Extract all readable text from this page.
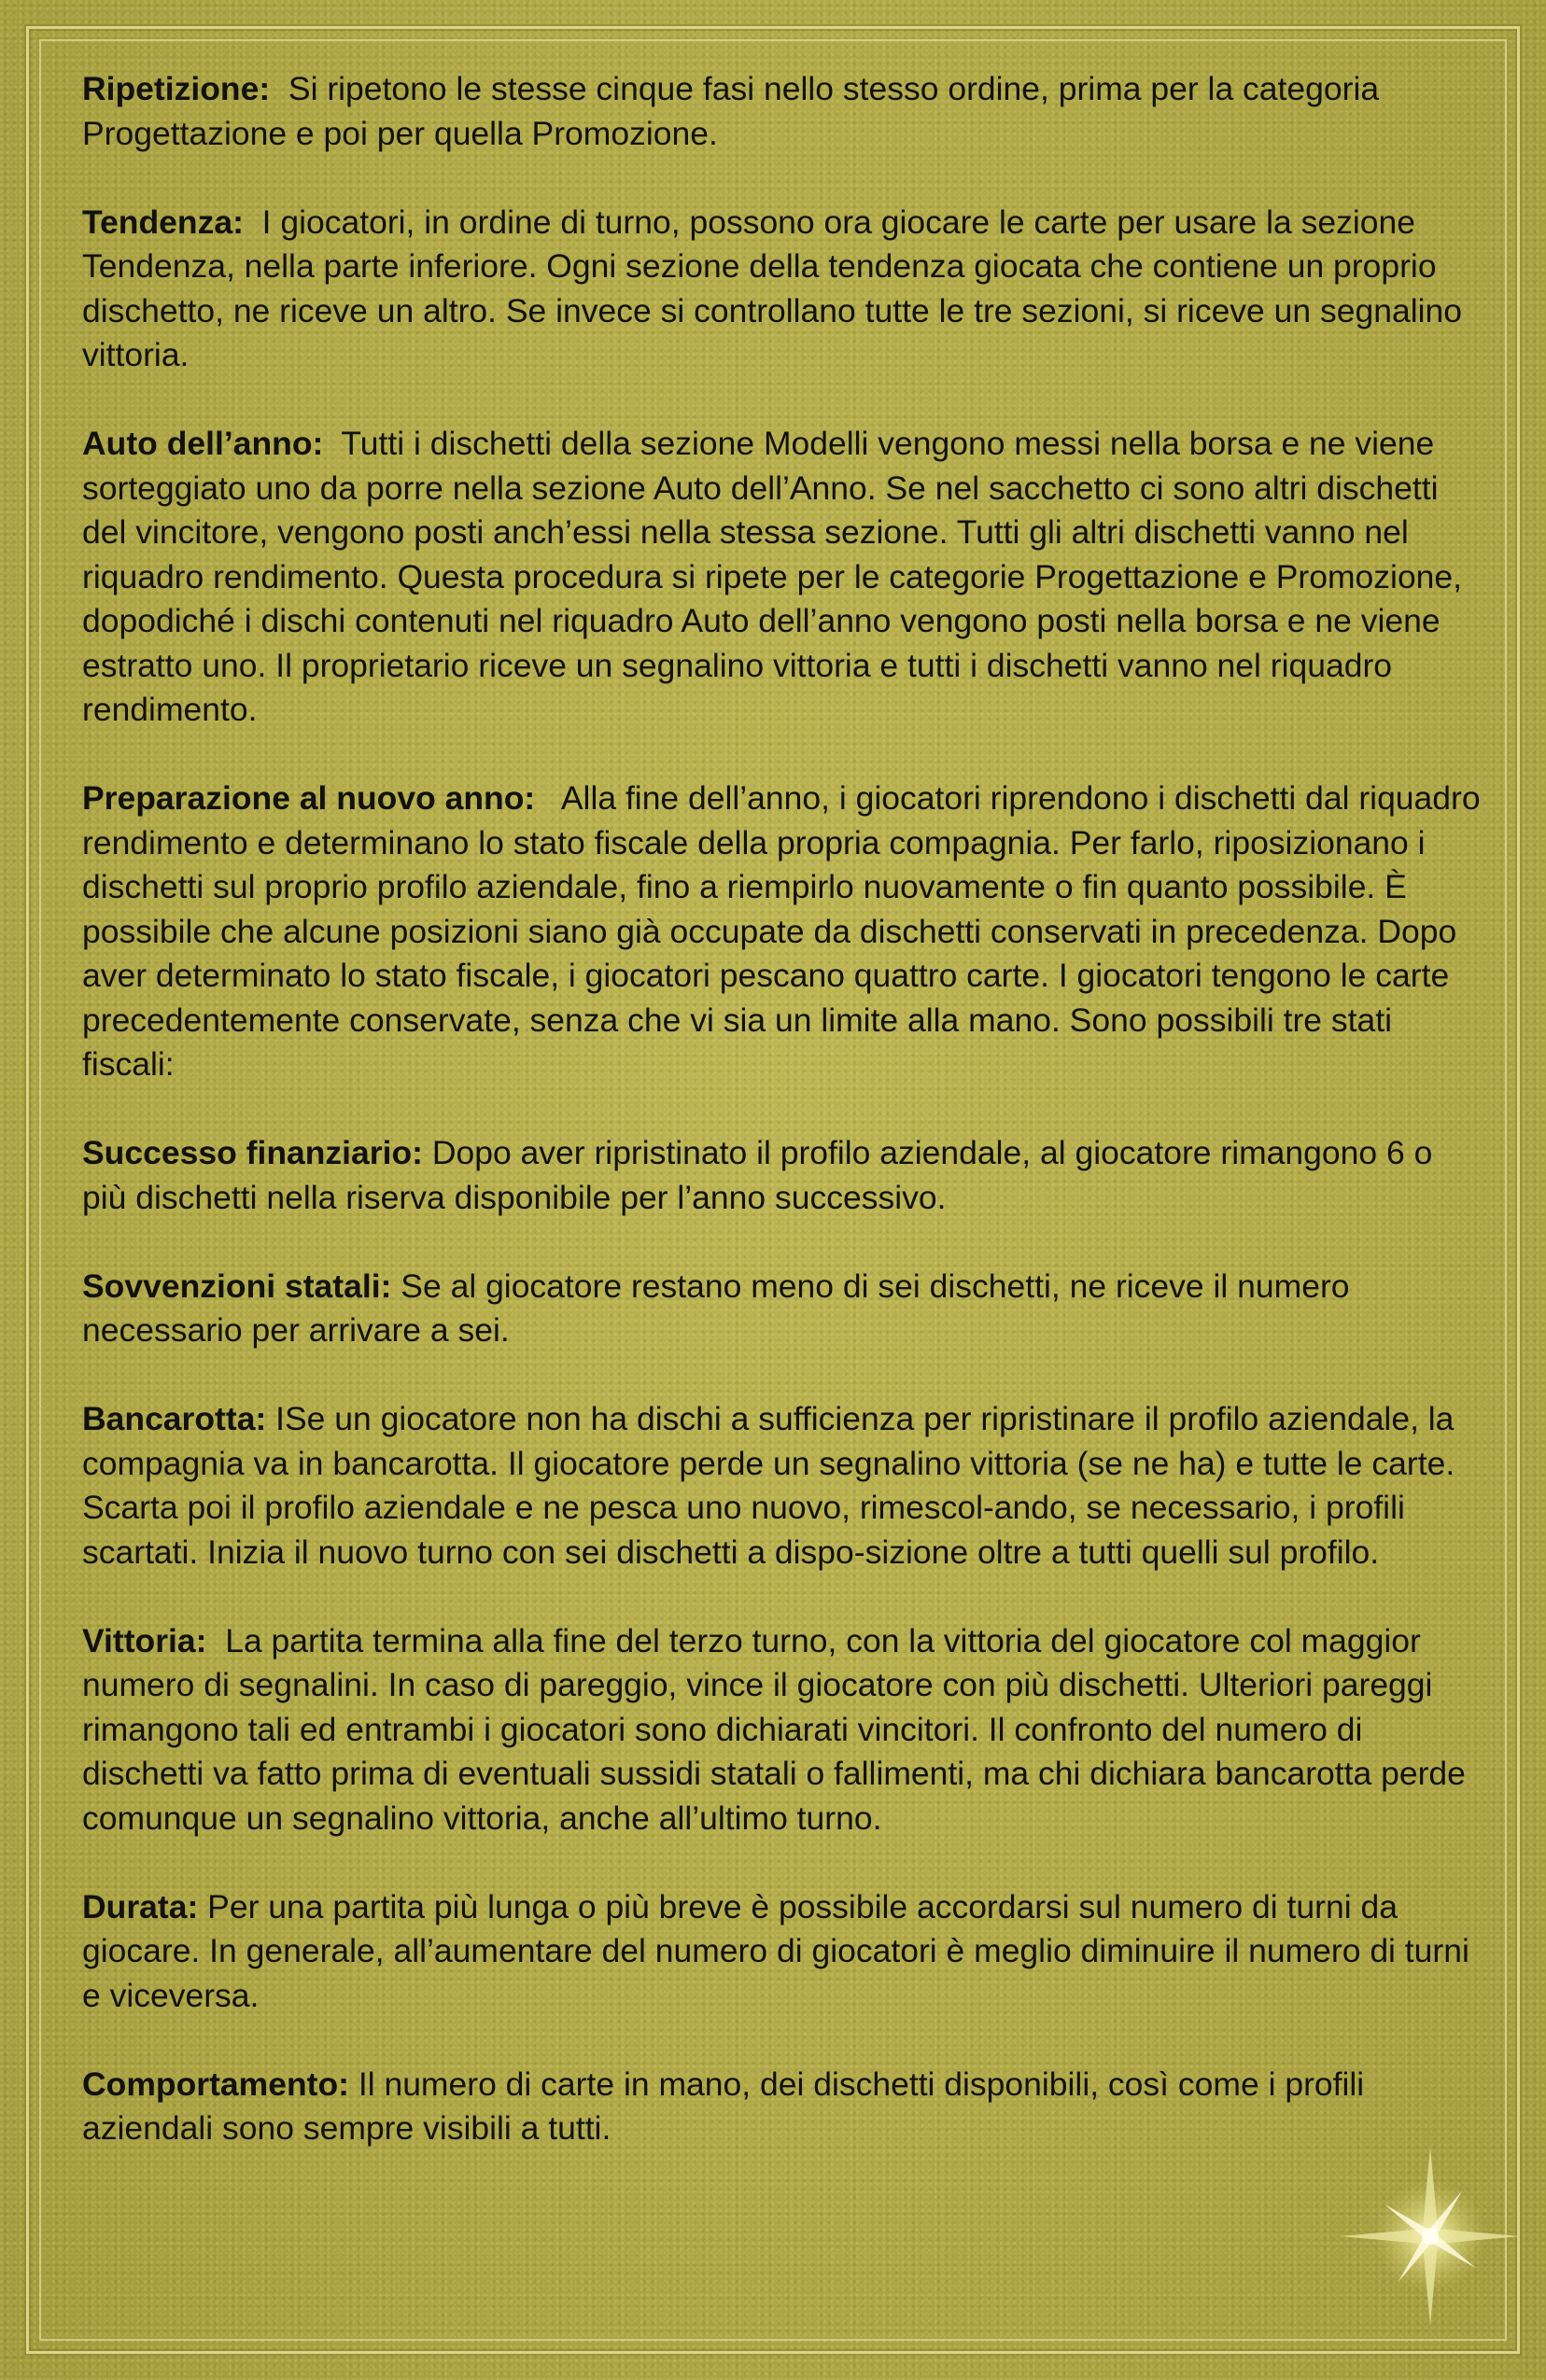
Ripetizione:  Si ripetono le stesse cinque fasi nello stesso ordine, prima per la categoria Progettazione e poi per quella Promozione.

Tendenza:  I giocatori, in ordine di turno, possono ora giocare le carte per usare la sezione Tendenza, nella parte inferiore. Ogni sezione della tendenza giocata che contiene un proprio dischetto, ne riceve un altro. Se invece si controllano tutte le tre sezioni, si riceve un segnalino vittoria.

Auto dell’anno:  Tutti i dischetti della sezione Modelli vengono messi nella borsa e ne viene sorteggiato uno da porre nella sezione Auto dell’Anno. Se nel sacchetto ci sono altri dischetti del vincitore, vengono posti anch’essi nella stessa sezione. Tutti gli altri dischetti vanno nel riquadro rendimento. Questa procedura si ripete per le categorie Progettazione e Promozione, dopodiché i dischi contenuti nel riquadro Auto dell’anno vengono posti nella borsa e ne viene estratto uno. Il proprietario riceve un segnalino vittoria e tutti i dischetti vanno nel riquadro rendimento.

Preparazione al nuovo anno:   Alla fine dell’anno, i giocatori riprendono i dischetti dal riquadro rendimento e determinano lo stato fiscale della propria compagnia. Per farlo, riposizionano i dischetti sul proprio profilo aziendale, fino a riempirlo nuovamente o fin quanto possibile. È possibile che alcune posizioni siano già occupate da dischetti conservati in precedenza. Dopo aver determinato lo stato fiscale, i giocatori pescano quattro carte. I giocatori tengono le carte precedentemente conservate, senza che vi sia un limite alla mano. Sono possibili tre stati fiscali:

Successo finanziario: Dopo aver ripristinato il profilo aziendale, al giocatore rimangono 6 o più dischetti nella riserva disponibile per l’anno successivo.

Sovvenzioni statali: Se al giocatore restano meno di sei dischetti, ne riceve il numero necessario per arrivare a sei.

Bancarotta: ISe un giocatore non ha dischi a sufficienza per ripristinare il profilo aziendale, la compagnia va in bancarotta. Il giocatore perde un segnalino vittoria (se ne ha) e tutte le carte. Scarta poi il profilo aziendale e ne pesca uno nuovo, rimescol-ando, se necessario, i profili scartati. Inizia il nuovo turno con sei dischetti a dispo-sizione oltre a tutti quelli sul profilo.

Vittoria:  La partita termina alla fine del terzo turno, con la vittoria del giocatore col maggior numero di segnalini. In caso di pareggio, vince il giocatore con più dischetti. Ulteriori pareggi rimangono tali ed entrambi i giocatori sono dichiarati vincitori. Il confronto del numero di dischetti va fatto prima di eventuali sussidi statali o fallimenti, ma chi dichiara bancarotta perde comunque un segnalino vittoria, anche all’ultimo turno.

Durata: Per una partita più lunga o più breve è possibile accordarsi sul numero di turni da giocare. In generale, all’aumentare del numero di giocatori è meglio diminuire il numero di turni e viceversa.

Comportamento: Il numero di carte in mano, dei dischetti disponibili, così come i profili aziendali sono sempre visibili a tutti.
